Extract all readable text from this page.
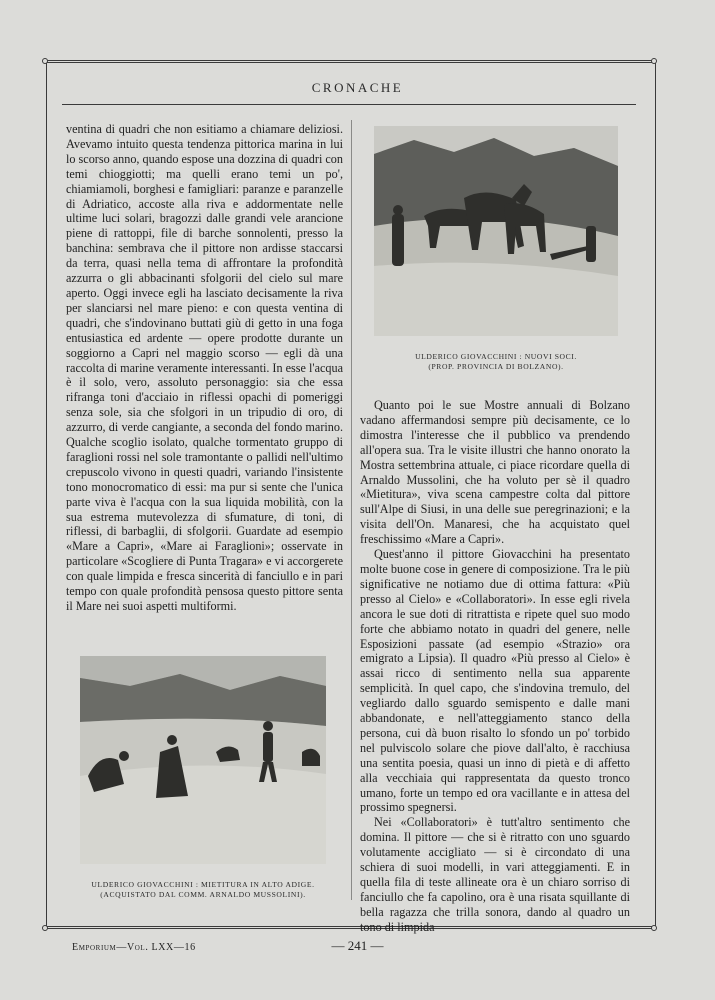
CRONACHE

ventina di quadri che non esitiamo a chiamare deliziosi. Avevamo intuito questa tendenza pittorica marina in lui lo scorso anno, quando espose una dozzina di quadri con temi chioggiotti; ma quelli erano temi un po', chiamiamoli, borghesi e famigliari: paranze e paranzelle di Adriatico, accoste alla riva e addormentate nelle ultime luci solari, bragozzi dalle grandi vele arancione piene di rattoppi, file di barche sonnolenti, presso la banchina: sembrava che il pittore non ardisse staccarsi da terra, quasi nella tema di affrontare la profondità azzurra o gli abbacinanti sfolgorii del cielo sul mare aperto. Oggi invece egli ha lasciato decisamente la riva per slanciarsi nel mare pieno: e con questa ventina di quadri, che s'indovinano buttati giù di getto in una foga entusiastica ed ardente — opere prodotte durante un soggiorno a Capri nel maggio scorso — egli dà una raccolta di marine veramente interessanti. In esse l'acqua è il solo, vero, assoluto personaggio: sia che essa rifranga toni d'acciaio in riflessi opachi di pomeriggi senza sole, sia che sfolgori in un tripudio di oro, di azzurro, di verde cangiante, a seconda del fondo marino. Qualche scoglio isolato, qualche tormentato gruppo di faraglioni rossi nel sole tramontante o pallidi nell'ultimo crepuscolo vivono in questi quadri, variando l'insistente tono monocromatico di essi: ma pur si sente che l'unica parte viva è l'acqua con la sua liquida mobilità, con la sua estrema mutevolezza di sfumature, di toni, di riflessi, di barbaglii, di sfolgorii. Guardate ad esempio «Mare a Capri», «Mare ai Faraglioni»; osservate in particolare «Scogliere di Punta Tragara» e vi accorgerete con quale limpida e fresca sincerità di fanciullo e in pari tempo con quale profondità pensosa questo pittore senta il Mare nei suoi aspetti multiformi.

ULDERICO GIOVACCHINI : NUOVI SOCI.
(PROP. PROVINCIA DI BOLZANO).

Quanto poi le sue Mostre annuali di Bolzano vadano affermandosi sempre più decisamente, ce lo dimostra l'interesse che il pubblico va prendendo all'opera sua. Tra le visite illustri che hanno onorato la Mostra settembrina attuale, ci piace ricordare quella di Arnaldo Mussolini, che ha voluto per sè il quadro «Mietitura», viva scena campestre colta dal pittore sull'Alpe di Siusi, in una delle sue peregrinazioni; e la visita dell'On. Manaresi, che ha acquistato quel freschissimo «Mare a Capri».

Quest'anno il pittore Giovacchini ha presentato molte buone cose in genere di composizione. Tra le più significative ne notiamo due di ottima fattura: «Più presso al Cielo» e «Collaboratori». In esse egli rivela ancora le sue doti di ritrattista e ripete quel suo modo forte che abbiamo notato in quadri del genere, nelle Esposizioni passate (ad esempio «Strazio» ora emigrato a Lipsia). Il quadro «Più presso al Cielo» è assai ricco di sentimento nella sua apparente semplicità. In quel capo, che s'indovina tremulo, del vegliardo dallo sguardo semispento e dalle mani abbandonate, e nell'atteggiamento stanco della persona, cui dà buon risalto lo sfondo un po' torbido nel pulviscolo solare che piove dall'alto, è racchiusa una sentita poesia, quasi un inno di pietà e di affetto alla vecchiaia qui rappresentata da questo tronco umano, forte un tempo ed ora vacillante e in attesa del prossimo spegnersi.

Nei «Collaboratori» è tutt'altro sentimento che domina. Il pittore — che si è ritratto con uno sguardo volutamente accigliato — si è circondato di una schiera di suoi modelli, in vari atteggiamenti. E in quella fila di teste allineate ora è un chiaro sorriso di fanciullo che fa capolino, ora è una risata squillante di bella ragazza che trilla sonora, dando al quadro un tono di limpida

ULDERICO GIOVACCHINI : MIETITURA IN ALTO ADIGE.
(ACQUISTATO DAL COMM. ARNALDO MUSSOLINI).
Emporium—Vol. LXX—16	— 241 —
